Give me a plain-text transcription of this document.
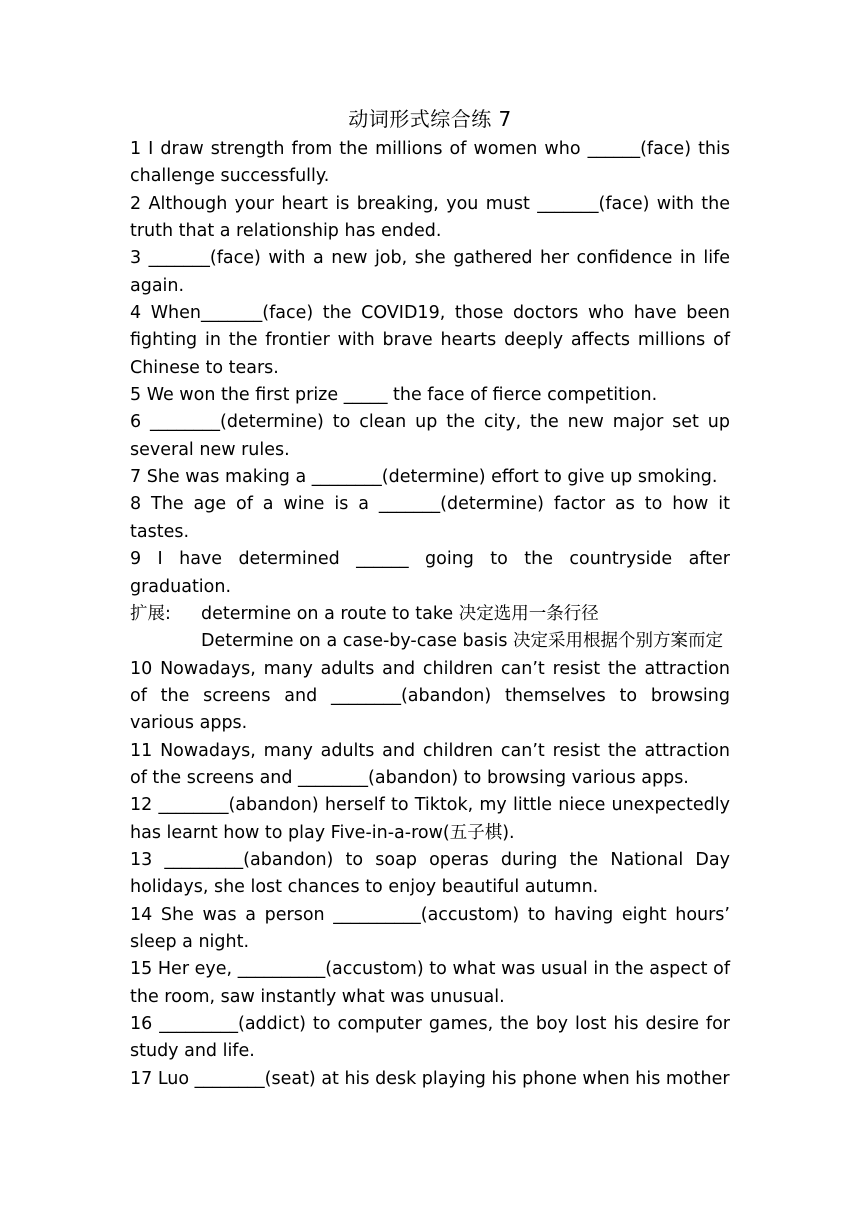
动词形式综合练 7

1 I draw strength from the millions of women who ______(face) this challenge successfully.

2 Although your heart is breaking, you must _______(face) with the truth that a relationship has ended.

3 _______(face) with a new job, she gathered her confidence in life again.

4 When_______(face) the COVID19, those doctors who have been fighting in the frontier with brave hearts deeply affects millions of Chinese to tears.

5 We won the first prize _____ the face of fierce competition.

6 ________(determine) to clean up the city, the new major set up several new rules.

7 She was making a ________(determine) effort to give up smoking.

8 The age of a wine is a _______(determine) factor as to how it tastes.

9 I have determined ______ going to the countryside after graduation.

扩展:	determine on a route to take 决定选用一条行径

Determine on a case-by-case basis 决定采用根据个别方案而定

10 Nowadays, many adults and children can’t resist the attraction of the screens and ________(abandon) themselves to browsing various apps.

11 Nowadays, many adults and children can’t resist the attraction of the screens and ________(abandon) to browsing various apps.

12 ________(abandon) herself to Tiktok, my little niece unexpectedly has learnt how to play Five-in-a-row(五子棋).

13 _________(abandon) to soap operas during the National Day holidays, she lost chances to enjoy beautiful autumn.

14 She was a person __________(accustom) to having eight hours’ sleep a night.

15 Her eye, __________(accustom) to what was usual in the aspect of the room, saw instantly what was unusual.

16 _________(addict) to computer games, the boy lost his desire for study and life.

17 Luo ________(seat) at his desk playing his phone when his mother
